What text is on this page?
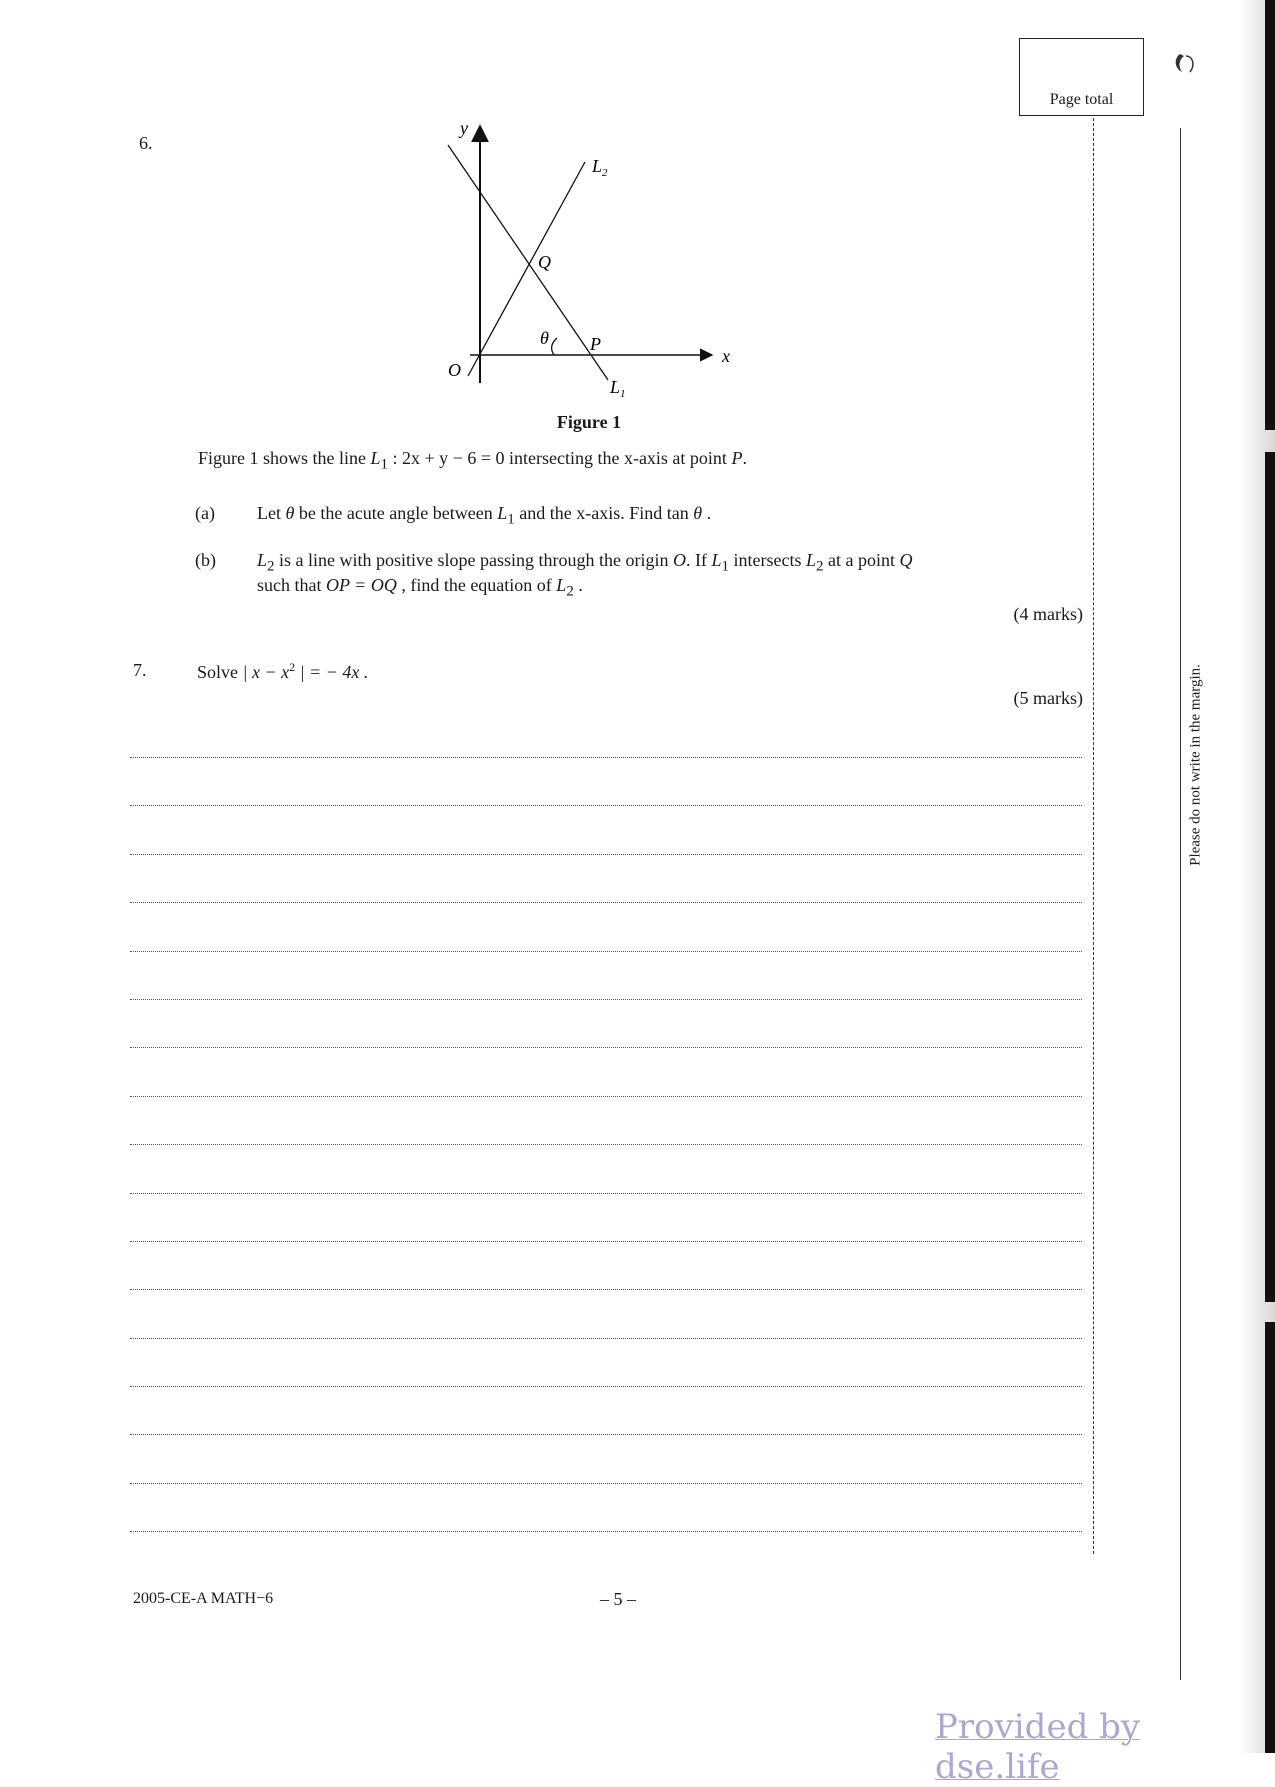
Page total
Please do not write in the margin.
6.
y
x
O
$L_2$
$L_1$
Q
P
θ
Figure 1
Figure 1 shows the line $L_1$ : 2x + y − 6 = 0 intersecting the x-axis at point P.
(a) Let θ be the acute angle between $L_1$ and the x-axis. Find tan θ .
(b) $L_2$ is a line with positive slope passing through the origin O. If $L_1$ intersects $L_2$ at a point Q
such that OP = OQ , find the equation of $L_2$ .
(4 marks)
7.	Solve | $x - x^2$ | = − 4x .
(5 marks)
2005-CE-A MATH−6	– 5 –
Provided by dse.life
